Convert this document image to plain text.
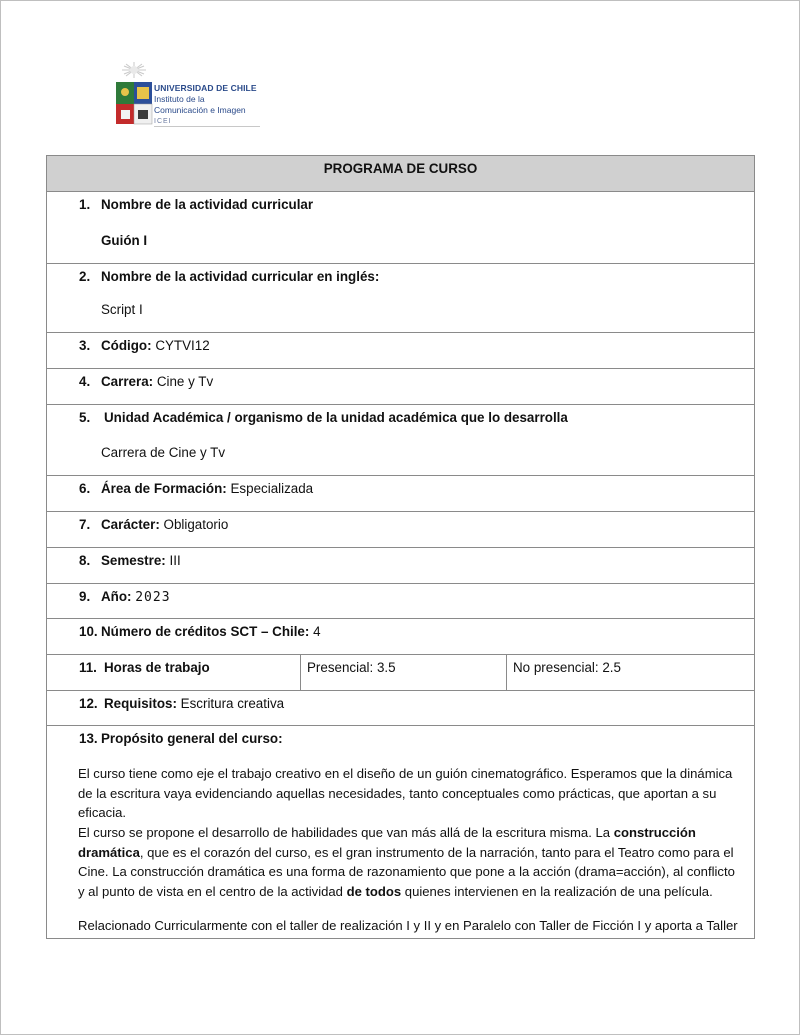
UNIVERSIDAD DE CHILE
Instituto de la
Comunicación e Imagen
ICEI
PROGRAMA DE CURSO
1. Nombre de la actividad curricular
Guión I
2. Nombre de la actividad curricular en inglés:
Script I
3. Código: CYTVI12
4. Carrera: Cine y Tv
5. Unidad Académica / organismo de la unidad académica que lo desarrolla
Carrera de Cine y Tv
6. Área de Formación: Especializada
7. Carácter: Obligatorio
8. Semestre: III
9. Año: 2023
10. Número de créditos SCT – Chile: 4
11. Horas de trabajo	Presencial: 3.5	No presencial: 2.5
12. Requisitos: Escritura creativa
13. Propósito general del curso:
El curso tiene como eje el trabajo creativo en el diseño de un guión cinematográfico. Esperamos que la dinámica de la escritura vaya evidenciando aquellas necesidades, tanto conceptuales como prácticas, que aportan a su eficacia.
El curso se propone el desarrollo de habilidades que van más allá de la escritura misma. La construcción dramática, que es el corazón del curso, es el gran instrumento de la narración, tanto para el Teatro como para el Cine. La construcción dramática es una forma de razonamiento que pone a la acción (drama=acción), al conflicto y al punto de vista en el centro de la actividad de todos quienes intervienen en la realización de una película.
Relacionado Curricularmente con el taller de realización I y II y en Paralelo con Taller de Ficción I y aporta a Taller
